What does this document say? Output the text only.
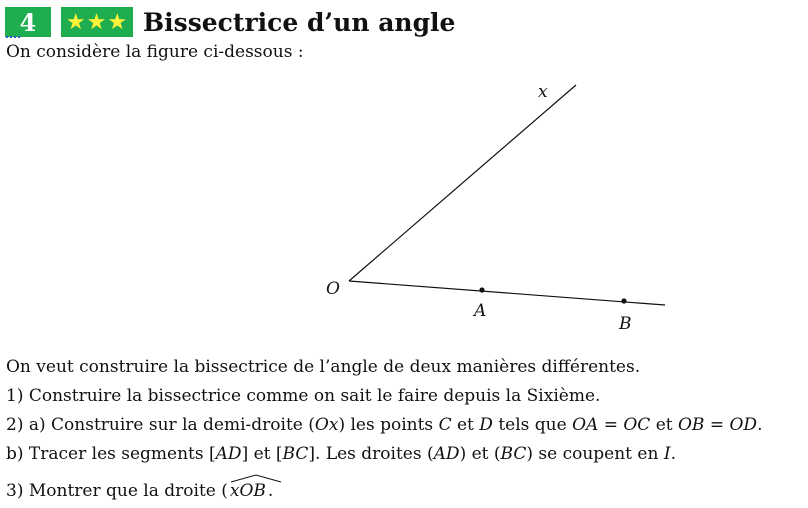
4 ★★★ Bissectrice d’un angle
On considère la figure ci-dessous :
x
O
A
B
On veut construire la bissectrice de l’angle de deux manières différentes.
1) Construire la bissectrice comme on sait le faire depuis la Sixième.
2) a) Construire sur la demi-droite (Ox) les points C et D tels que OA = OC et OB = OD.
b) Tracer les segments [AD] et [BC]. Les droites (AD) et (BC) se coupent en I.
3) Montrer que la droite ( xOB .
